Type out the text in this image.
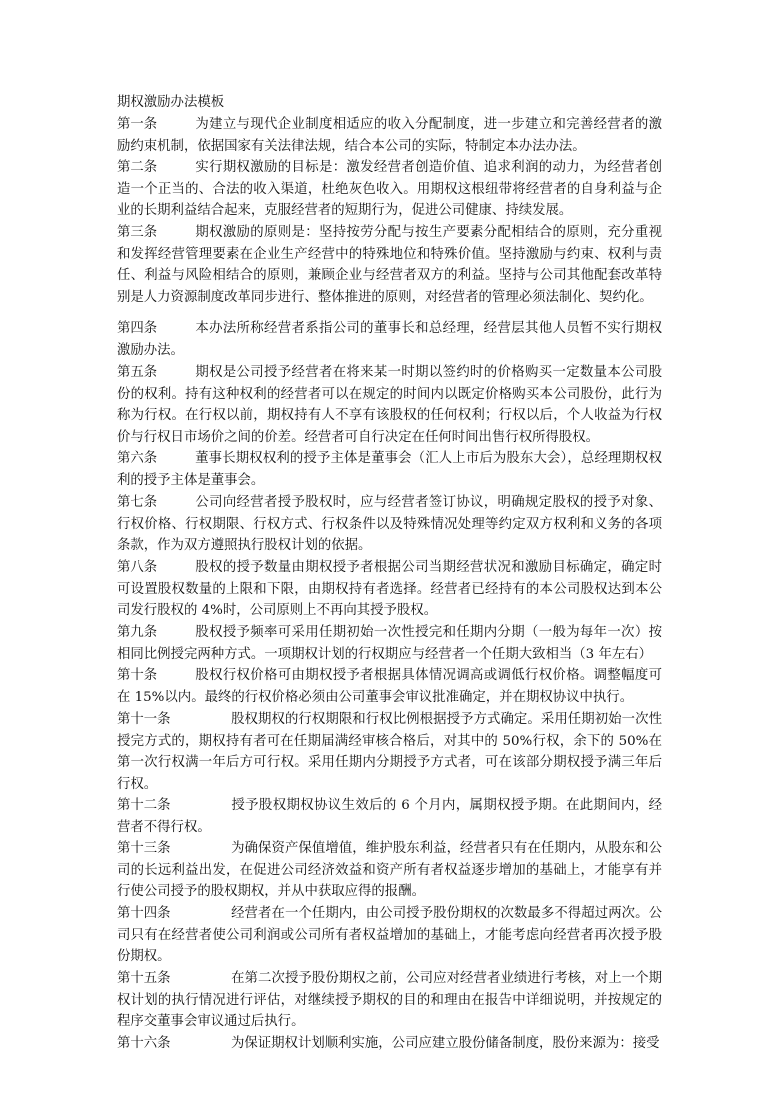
期权激励办法模板

第一条	为建立与现代企业制度相适应的收入分配制度，进一步建立和完善经营者的激励约束机制，依据国家有关法律法规，结合本公司的实际，特制定本办法办法。

第二条	实行期权激励的目标是：激发经营者创造价值、追求利润的动力，为经营者创造一个正当的、合法的收入渠道，杜绝灰色收入。用期权这根纽带将经营者的自身利益与企业的长期利益结合起来，克服经营者的短期行为，促进公司健康、持续发展。

第三条	期权激励的原则是：坚持按劳分配与按生产要素分配相结合的原则，充分重视和发挥经营管理要素在企业生产经营中的特殊地位和特殊价值。坚持激励与约束、权利与责任、利益与风险相结合的原则，兼顾企业与经营者双方的利益。坚持与公司其他配套改革特别是人力资源制度改革同步进行、整体推进的原则，对经营者的管理必须法制化、契约化。

第四条	本办法所称经营者系指公司的董事长和总经理，经营层其他人员暂不实行期权激励办法。

第五条	期权是公司授予经营者在将来某一时期以签约时的价格购买一定数量本公司股份的权利。持有这种权利的经营者可以在规定的时间内以既定价格购买本公司股份，此行为称为行权。在行权以前，期权持有人不享有该股权的任何权利；行权以后，个人收益为行权价与行权日市场价之间的价差。经营者可自行决定在任何时间出售行权所得股权。

第六条	董事长期权权利的授予主体是董事会（汇人上市后为股东大会），总经理期权权利的授予主体是董事会。

第七条	公司向经营者授予股权时，应与经营者签订协议，明确规定股权的授予对象、行权价格、行权期限、行权方式、行权条件以及特殊情况处理等约定双方权利和义务的各项条款，作为双方遵照执行股权计划的依据。

第八条	股权的授予数量由期权授予者根据公司当期经营状况和激励目标确定，确定时可设置股权数量的上限和下限，由期权持有者选择。经营者已经持有的本公司股权达到本公司发行股权的 4%时，公司原则上不再向其授予股权。

第九条	股权授予频率可采用任期初始一次性授完和任期内分期（一般为每年一次）按相同比例授完两种方式。一项期权计划的行权期应与经营者一个任期大致相当（3 年左右）

第十条	股权行权价格可由期权授予者根据具体情况调高或调低行权价格。调整幅度可在 15%以内。最终的行权价格必须由公司董事会审议批准确定，并在期权协议中执行。

第十一条	股权期权的行权期限和行权比例根据授予方式确定。采用任期初始一次性授完方式的，期权持有者可在任期届满经审核合格后，对其中的 50%行权，余下的 50%在第一次行权满一年后方可行权。采用任期内分期授予方式者，可在该部分期权授予满三年后行权。

第十二条	授予股权期权协议生效后的 6 个月内，属期权授予期。在此期间内，经营者不得行权。

第十三条	为确保资产保值增值，维护股东利益，经营者只有在任期内，从股东和公司的长远利益出发，在促进公司经济效益和资产所有者权益逐步增加的基础上，才能享有并行使公司授予的股权期权，并从中获取应得的报酬。

第十四条	经营者在一个任期内，由公司授予股份期权的次数最多不得超过两次。公司只有在经营者使公司利润或公司所有者权益增加的基础上，才能考虑向经营者再次授予股份期权。

第十五条	在第二次授予股份期权之前，公司应对经营者业绩进行考核，对上一个期权计划的执行情况进行评估，对继续授予期权的目的和理由在报告中详细说明，并按规定的程序交董事会审议通过后执行。

第十六条	为保证期权计划顺利实施，公司应建立股份储备制度，股份来源为：接受
